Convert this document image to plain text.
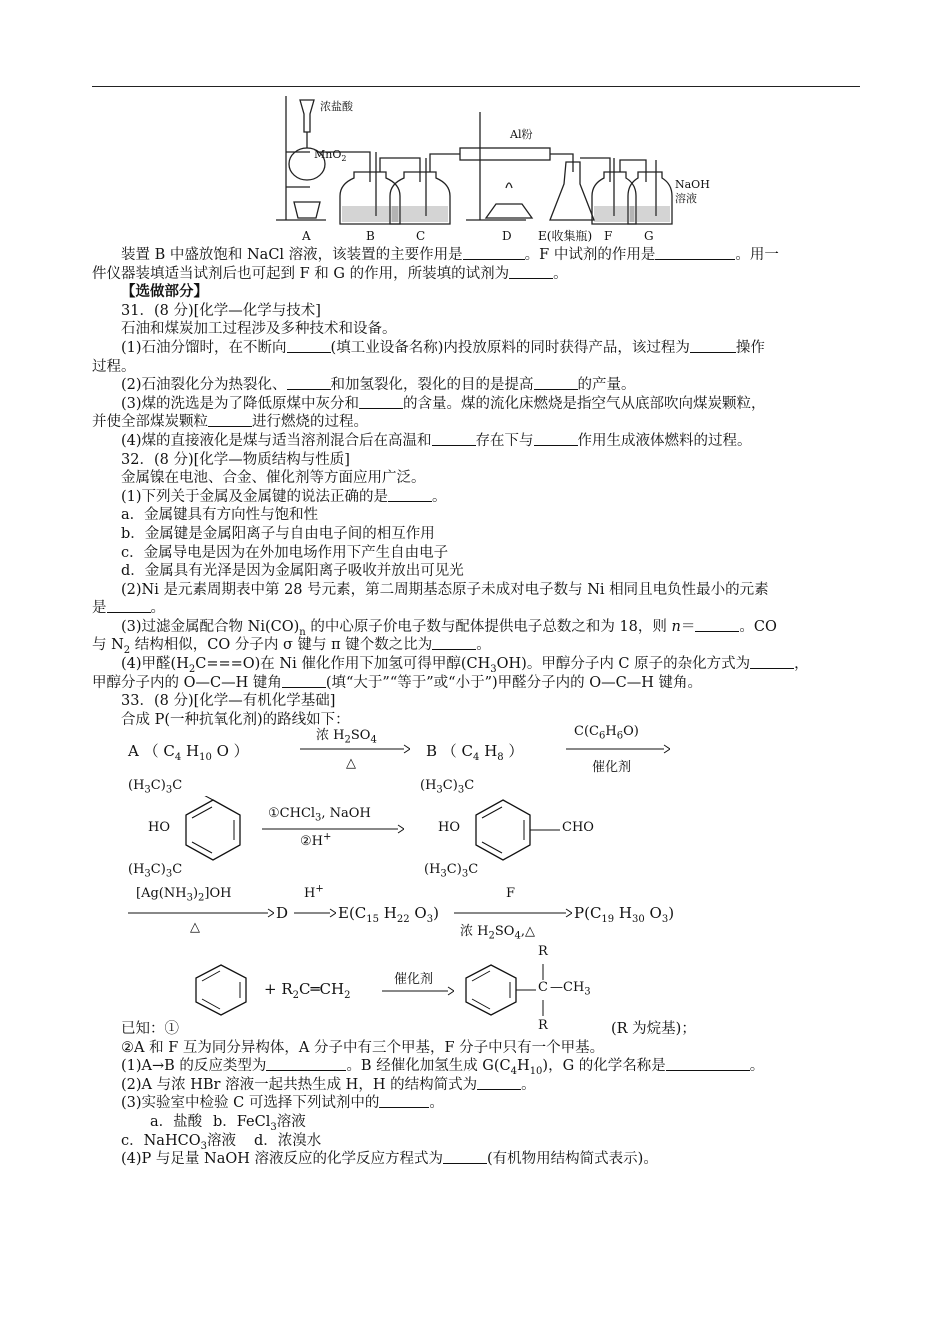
浓盐酸
MnO$_2$
Al粉
NaOH
溶液
A	B	C	D E(收集瓶) F	G

装置 B 中盛放饱和 NaCl 溶液，该装置的主要作用是	。F 中试剂的作用是	。用一

件仪器装填适当试剂后也可起到 F 和 G 的作用，所装填的试剂为	。

【选做部分】

31．(8 分)[化学—化学与技术]

石油和煤炭加工过程涉及多种技术和设备。

(1)石油分馏时，在不断向	(填工业设备名称)内投放原料的同时获得产品，该过程为	操作

过程。

(2)石油裂化分为热裂化、	和加氢裂化，裂化的目的是提高	的产量。

(3)煤的洗选是为了降低原煤中灰分和	的含量。煤的流化床燃烧是指空气从底部吹向煤炭颗粒，

并使全部煤炭颗粒	进行燃烧的过程。

(4)煤的直接液化是煤与适当溶剂混合后在高温和	存在下与	作用生成液体燃料的过程。

32．(8 分)[化学—物质结构与性质]

金属镍在电池、合金、催化剂等方面应用广泛。

(1)下列关于金属及金属键的说法正确的是	。

a．金属键具有方向性与饱和性

b．金属键是金属阳离子与自由电子间的相互作用

c．金属导电是因为在外加电场作用下产生自由电子

d．金属具有光泽是因为金属阳离子吸收并放出可见光

(2)Ni 是元素周期表中第 28 号元素，第二周期基态原子未成对电子数与 Ni 相同且电负性最小的元素

是	。

(3)过滤金属配合物 $Ni(CO)_n$ 的中心原子价电子数与配体提供电子总数之和为 18，则 n＝	。CO

与 $N_2$ 结构相似，CO 分子内 σ 键与 π 键个数之比为	。

(4)甲醛$(H_2C===O)$在 Ni 催化作用下加氢可得甲醇$(CH_3OH)$。甲醇分子内 C 原子的杂化方式为	，

甲醇分子内的 O—C—H 键角	(填“大于”“等于”或“小于”)甲醛分子内的 O—C—H 键角。

33．(8 分)[化学—有机化学基础]

合成 P(一种抗氧化剂)的路线如下：

A （ $C_4$ $H_{10}$ O ）
浓 $H_2SO_4$
△
B （ $C_4$ $H_8$ ）
$C(C_6H_6O)$
催化剂
$(H_3C)_3C$
HO
$(H_3C)_3C$
①CHCl$_3$, NaOH
②H+
$(H_3C)_3C$
HO
$(H_3C)_3C$
CHO
$[Ag(NH_3)_2]OH$
△
D
H+
$E(C_{15}$ $H_{22}$ $O_3$)
F
浓 $H_2SO_4,\triangle$
$P(C_{19}$ $H_{30}$ $O_3$)
+ $R_2C═CH_2$
催化剂
R
C $—CH_3$
R

已知：①	(R 为烷基)；

②A 和 F 互为同分异构体，A 分子中有三个甲基，F 分子中只有一个甲基。

(1)A→B 的反应类型为	。B 经催化加氢生成 $G(C_4H_{10})$，G 的化学名称是	。

(2)A 与浓 HBr 溶液一起共热生成 H，H 的结构简式为	。

(3)实验室中检验 C 可选择下列试剂中的	。

a．盐酸 b．FeCl$_3$溶液

c．NaHCO$_3$溶液 d．浓溴水

(4)P 与足量 NaOH 溶液反应的化学反应方程式为	(有机物用结构简式表示)。
